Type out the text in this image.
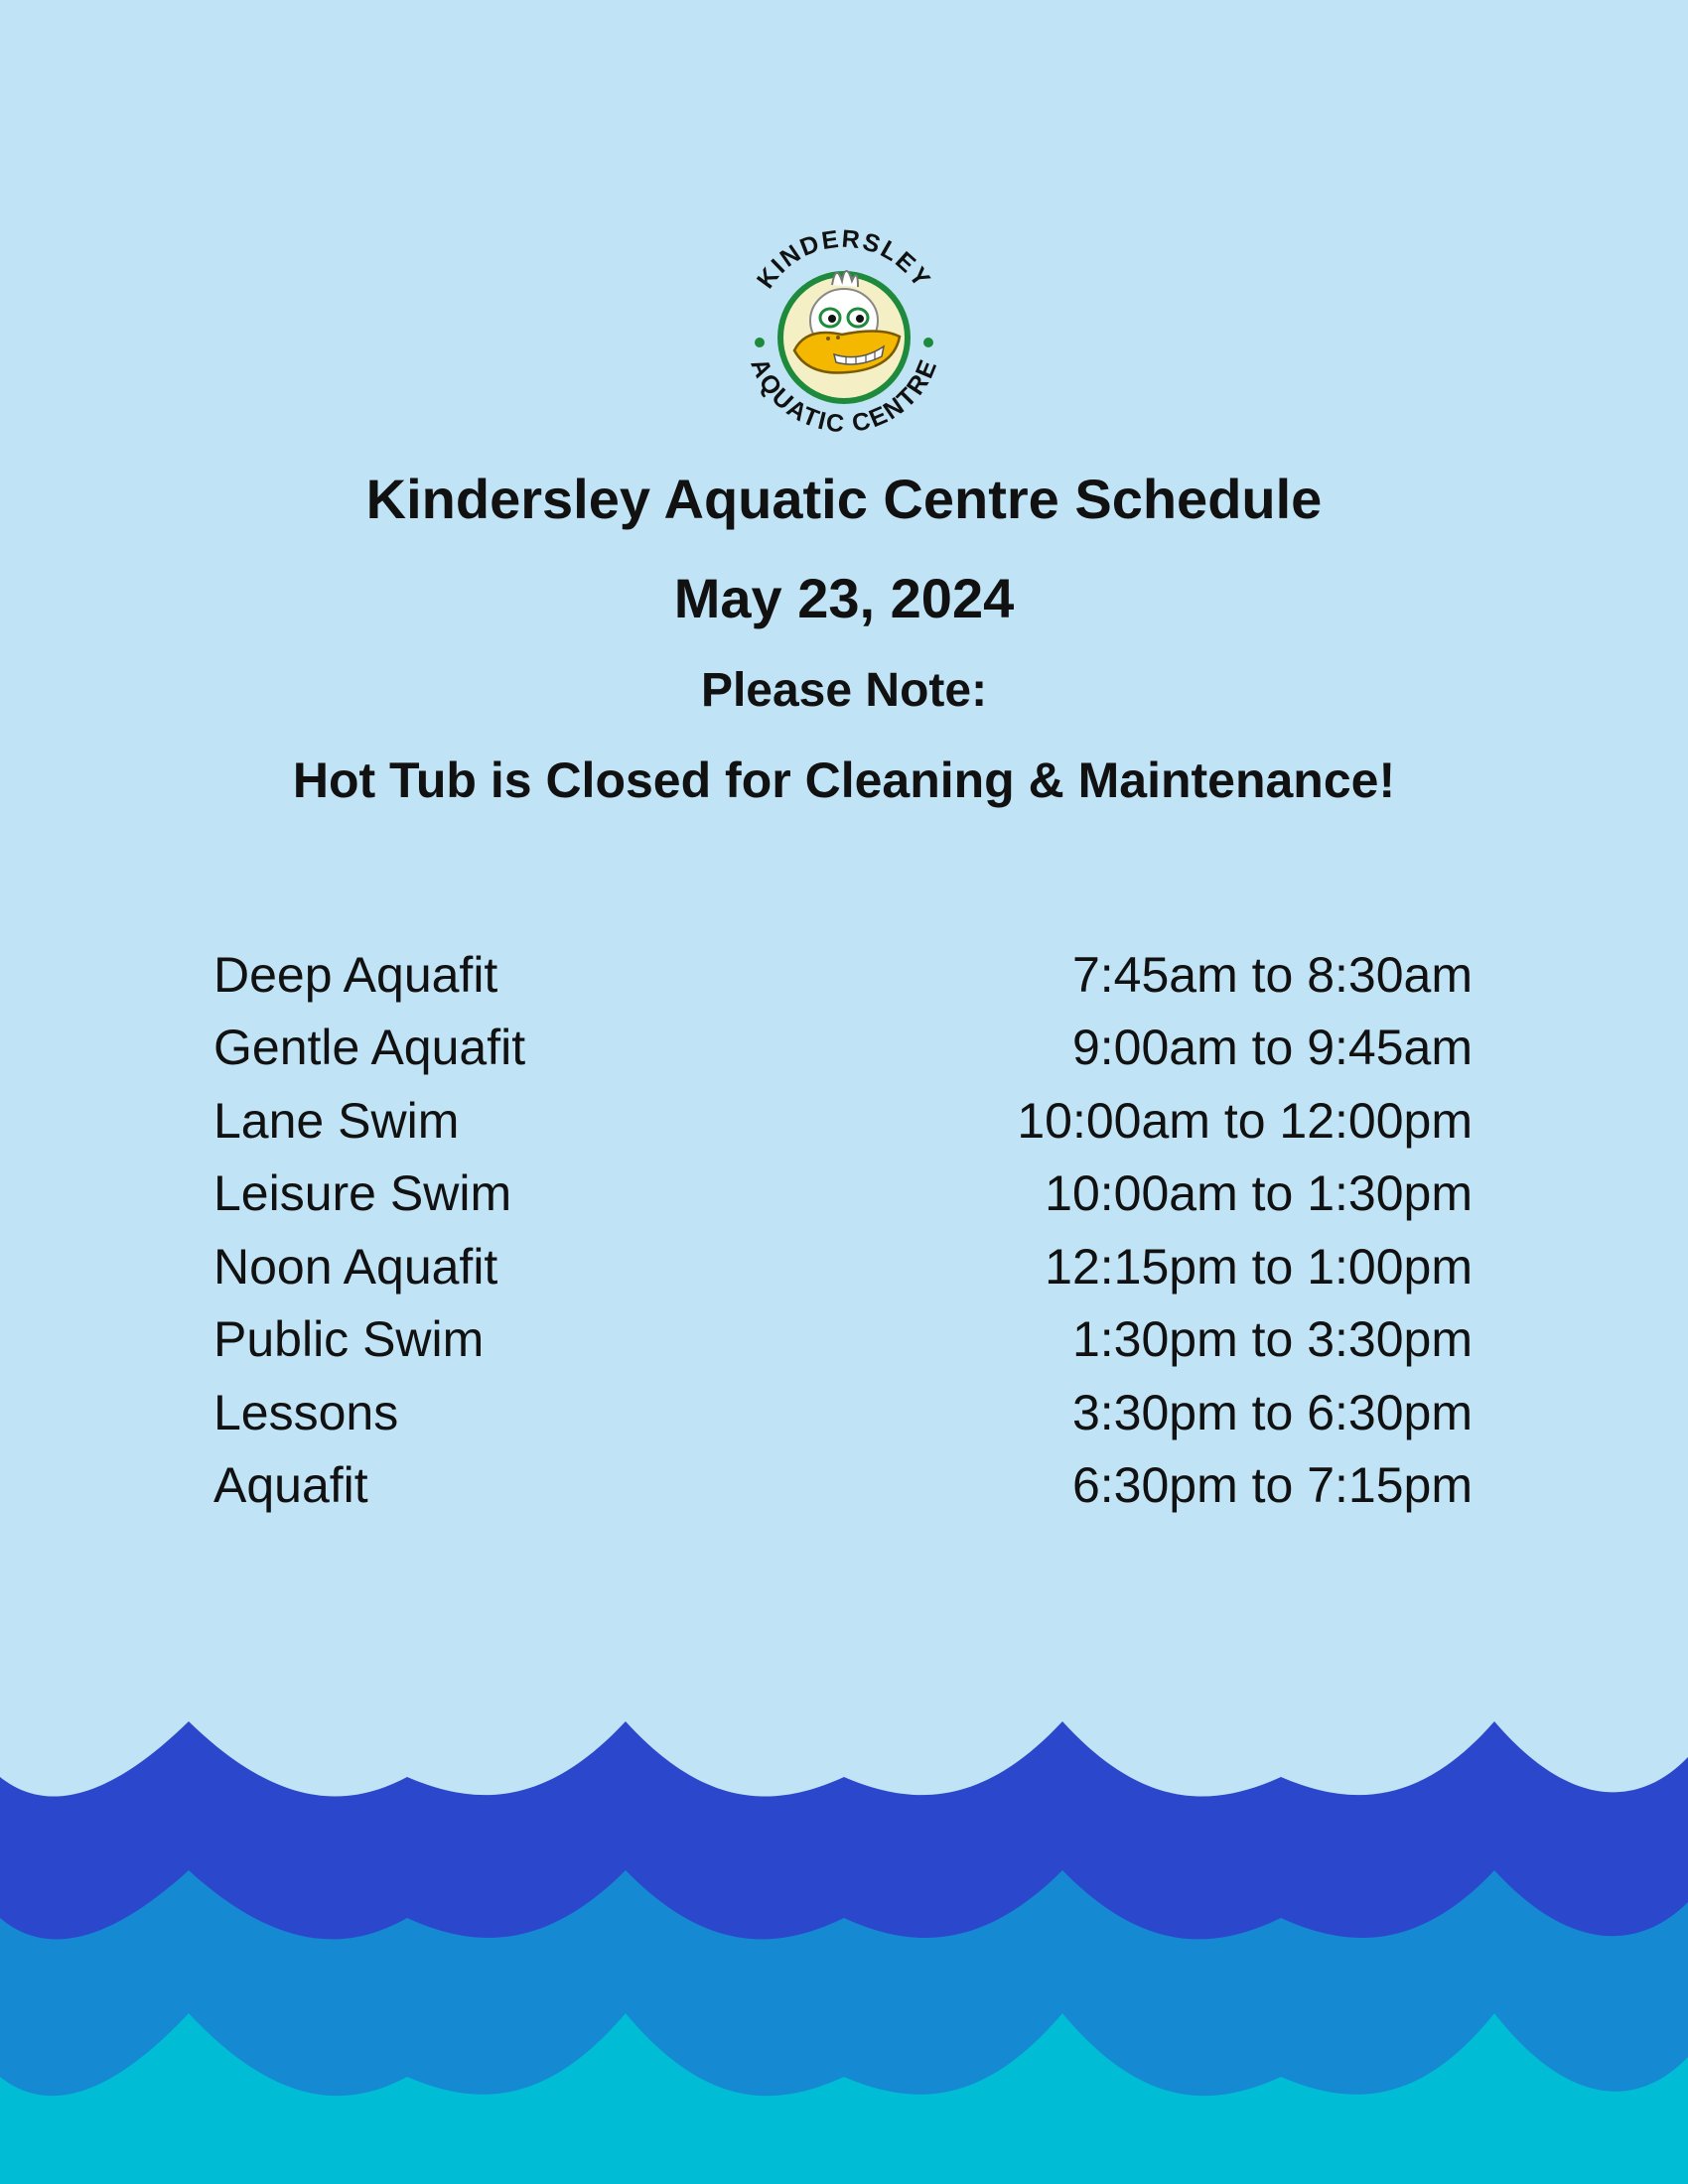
KINDERSLEY
AQUATIC CENTRE
Kindersley Aquatic Centre Schedule
May 23, 2024
Please Note:
Hot Tub is Closed for Cleaning & Maintenance!
Deep Aquafit	7:45am to 8:30am
Gentle Aquafit	9:00am to 9:45am
Lane Swim	10:00am to 12:00pm
Leisure Swim	10:00am to 1:30pm
Noon Aquafit	12:15pm to 1:00pm
Public Swim	1:30pm to 3:30pm
Lessons	3:30pm to 6:30pm
Aquafit	6:30pm to 7:15pm
